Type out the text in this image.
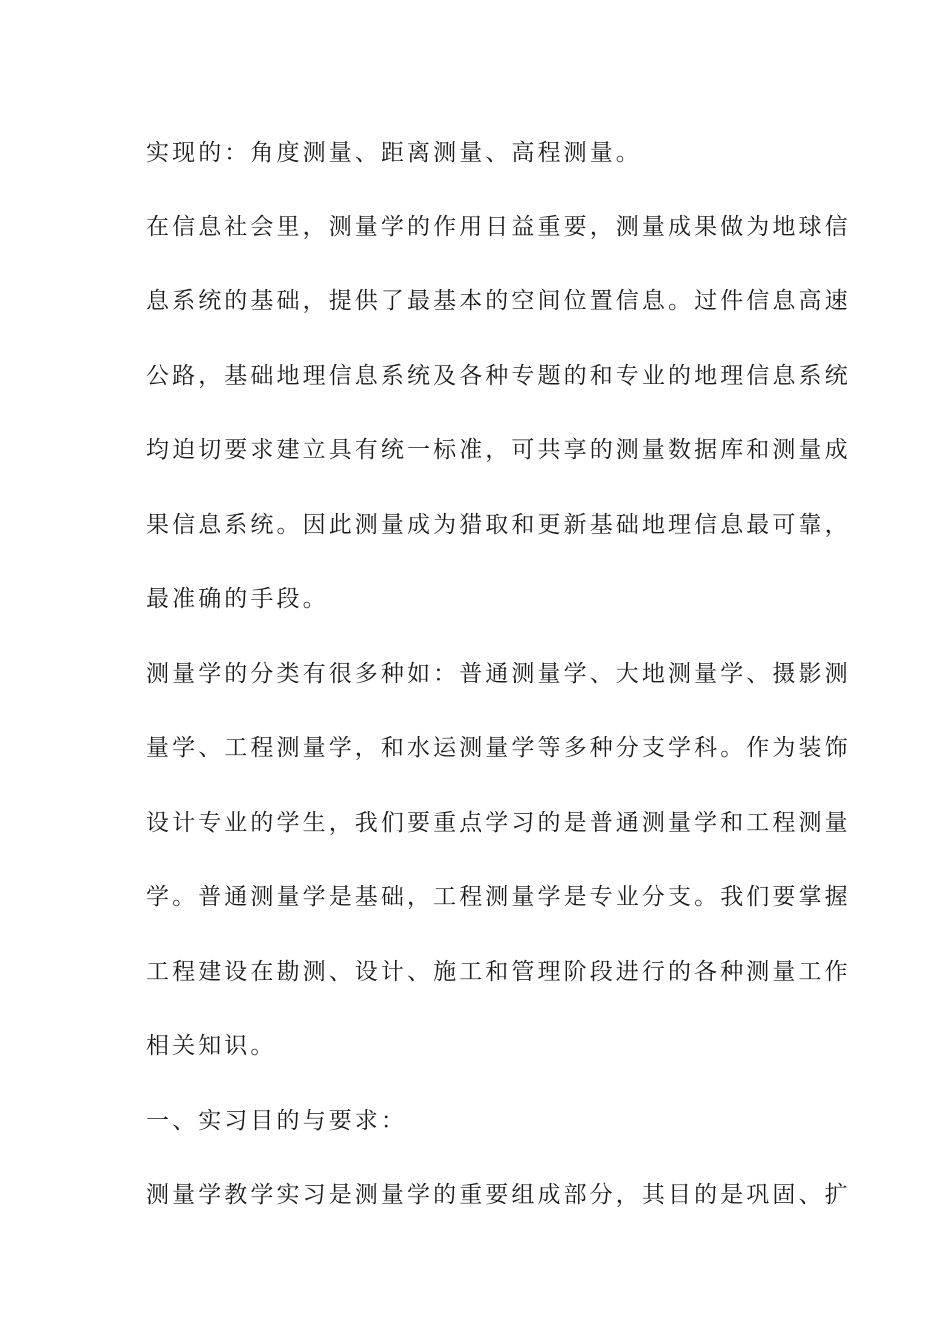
实现的：角度测量、距离测量、高程测量。
在信息社会里，测量学的作用日益重要，测量成果做为地球信
息系统的基础，提供了最基本的空间位置信息。过件信息高速
公路，基础地理信息系统及各种专题的和专业的地理信息系统
均迫切要求建立具有统一标准，可共享的测量数据库和测量成
果信息系统。因此测量成为猎取和更新基础地理信息最可靠，
最准确的手段。
测量学的分类有很多种如：普通测量学、大地测量学、摄影测
量学、工程测量学，和水运测量学等多种分支学科。作为装饰
设计专业的学生，我们要重点学习的是普通测量学和工程测量
学。普通测量学是基础，工程测量学是专业分支。我们要掌握
工程建设在勘测、设计、施工和管理阶段进行的各种测量工作
相关知识。
一、实习目的与要求：
测量学教学实习是测量学的重要组成部分，其目的是巩固、扩
